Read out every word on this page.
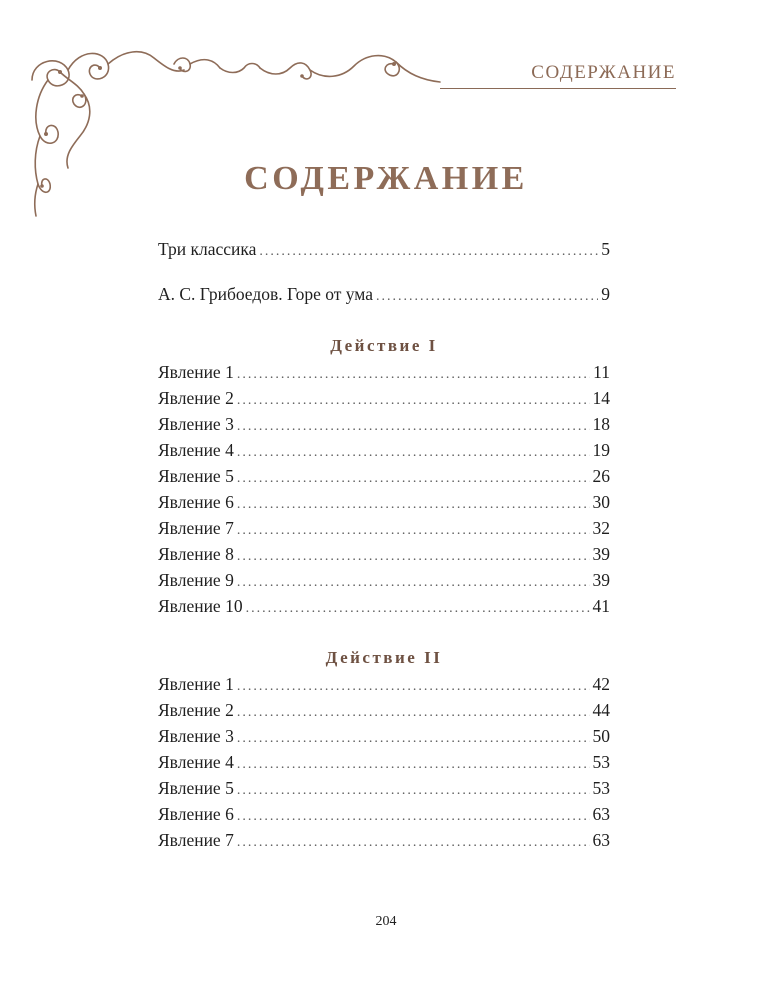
СОДЕРЖАНИЕ
СОДЕРЖАНИЕ
Три классика .....	5
А. С. Грибоедов. Горе от ума .....	9
Действие I
Явление 1 .....	11
Явление 2 .....	14
Явление 3 .....	18
Явление 4 .....	19
Явление 5 .....	26
Явление 6 .....	30
Явление 7 .....	32
Явление 8 .....	39
Явление 9 .....	39
Явление 10 .....	41
Действие II
Явление 1 .....	42
Явление 2 .....	44
Явление 3 .....	50
Явление 4 .....	53
Явление 5 .....	53
Явление 6 .....	63
Явление 7 .....	63
204
